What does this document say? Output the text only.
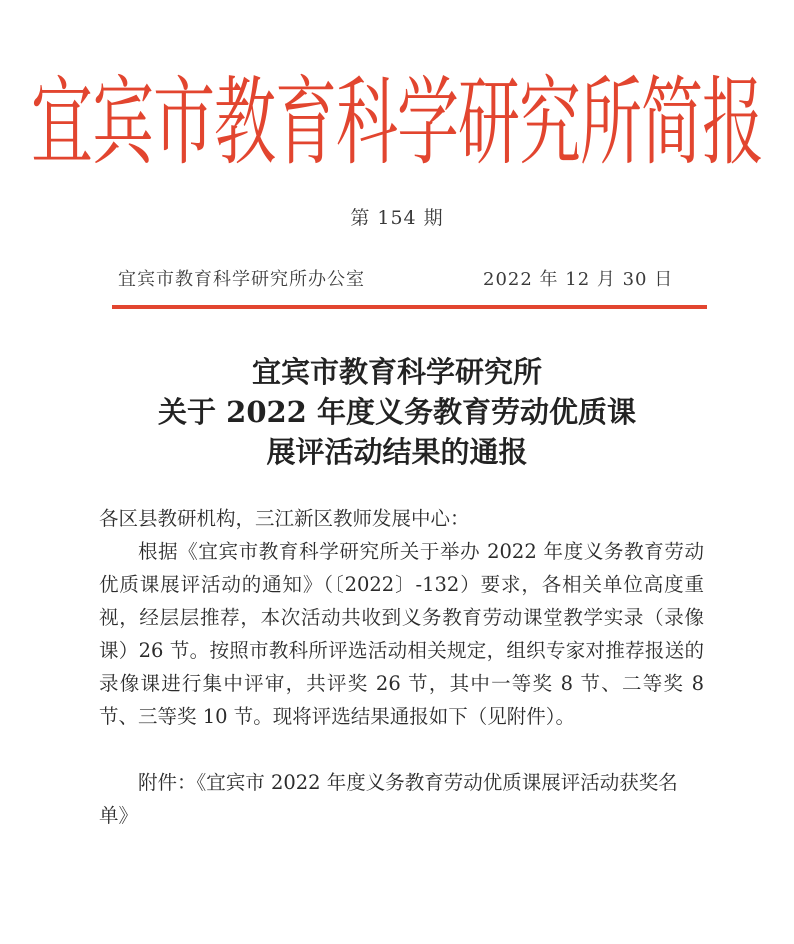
宜宾市教育科学研究所简报
第 154 期
宜宾市教育科学研究所办公室	2022 年 12 月 30 日
宜宾市教育科学研究所
关于 2022 年度义务教育劳动优质课
展评活动结果的通报

各区县教研机构，三江新区教师发展中心：

根据《宜宾市教育科学研究所关于举办 2022 年度义务教育劳动优质课展评活动的通知》（〔2022〕-132）要求，各相关单位高度重视，经层层推荐，本次活动共收到义务教育劳动课堂教学实录（录像课）26 节。按照市教科所评选活动相关规定，组织专家对推荐报送的录像课进行集中评审，共评奖 26 节，其中一等奖 8 节、二等奖 8 节、三等奖 10 节。现将评选结果通报如下（见附件）。

附件：《宜宾市 2022 年度义务教育劳动优质课展评活动获奖名单》
